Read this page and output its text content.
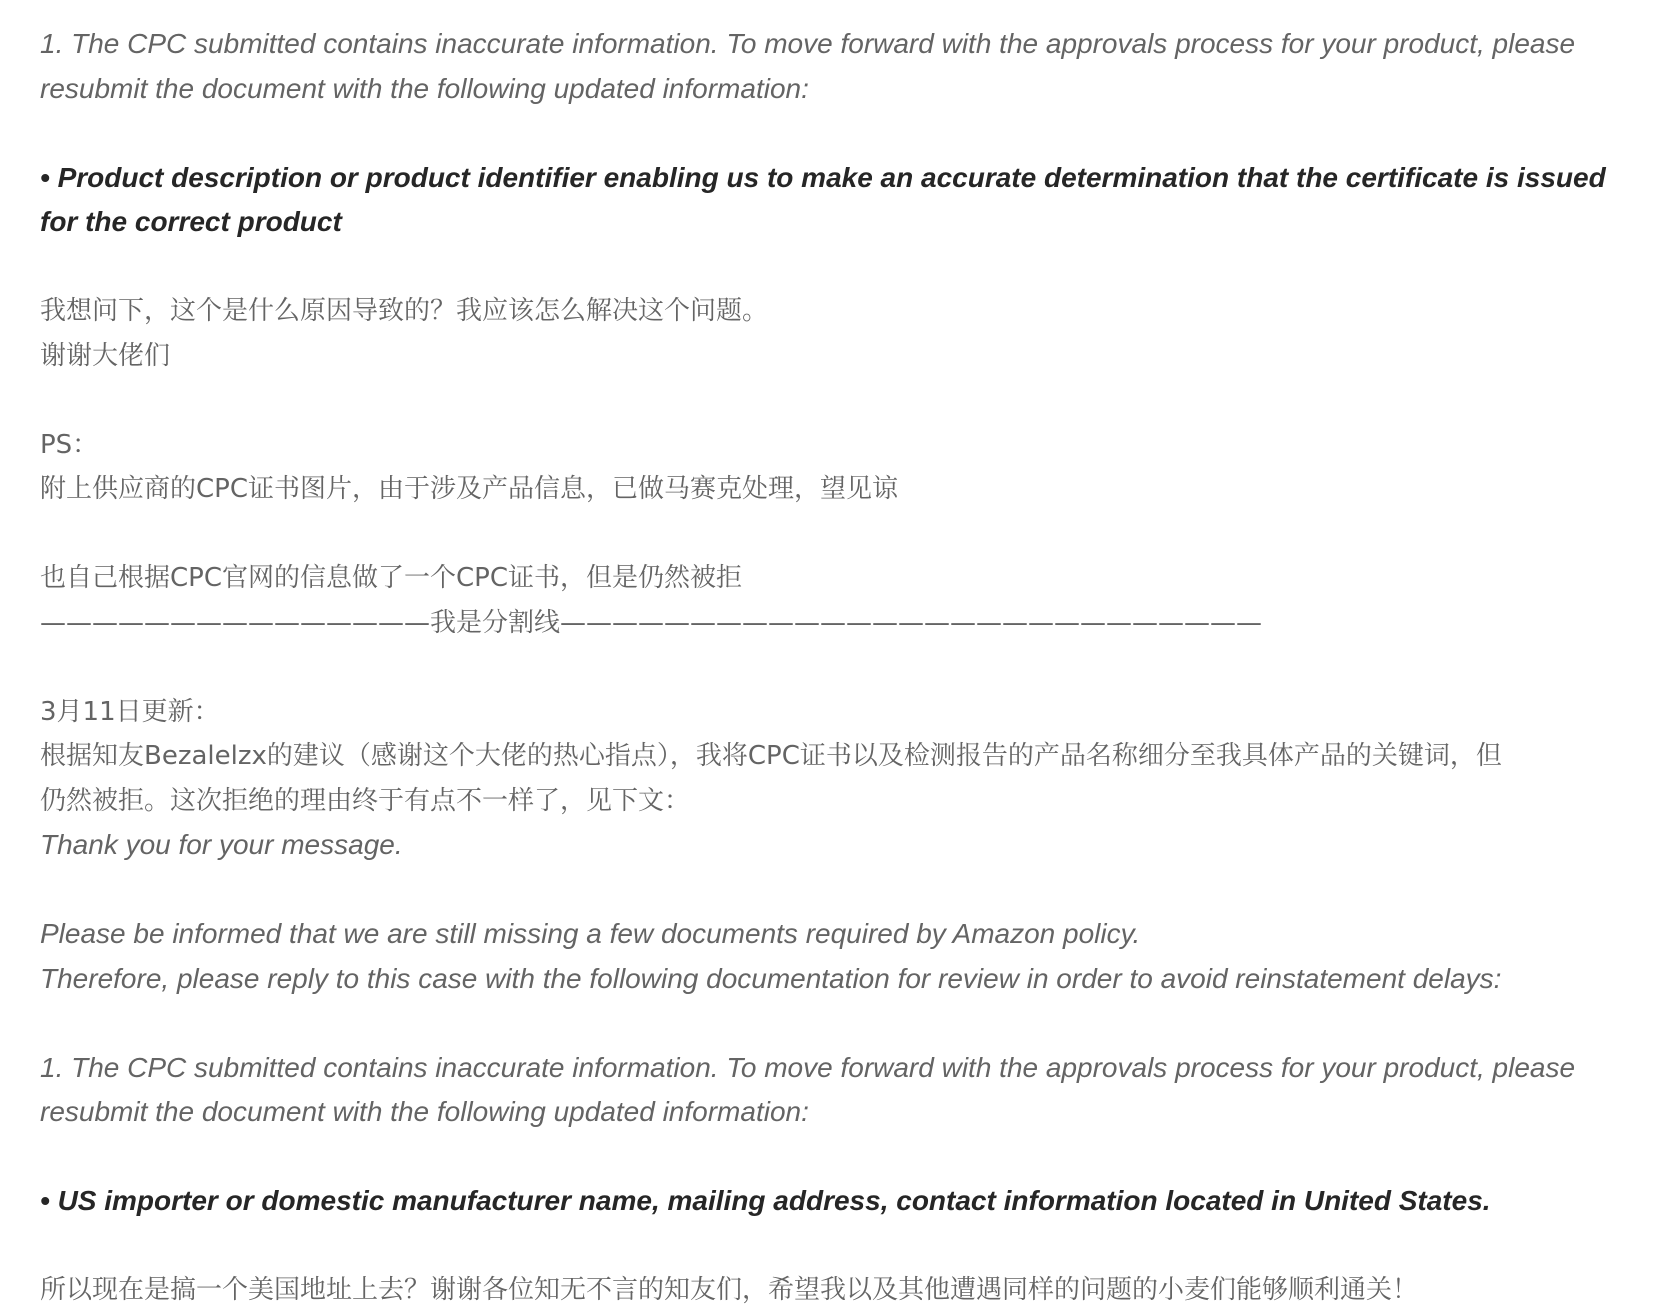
1. The CPC submitted contains inaccurate information. To move forward with the approvals process for your product, please
resubmit the document with the following updated information:
• Product description or product identifier enabling us to make an accurate determination that the certificate is issued
for the correct product
我想问下，这个是什么原因导致的？我应该怎么解决这个问题。
谢谢大佬们
PS：
附上供应商的CPC证书图片，由于涉及产品信息，已做马赛克处理，望见谅
也自己根据CPC官网的信息做了一个CPC证书，但是仍然被拒
———————————————我是分割线———————————————————————————
3月11日更新：
根据知友Bezalelzx的建议（感谢这个大佬的热心指点），我将CPC证书以及检测报告的产品名称细分至我具体产品的关键词，但
仍然被拒。这次拒绝的理由终于有点不一样了，见下文：
Thank you for your message.
Please be informed that we are still missing a few documents required by Amazon policy.
Therefore, please reply to this case with the following documentation for review in order to avoid reinstatement delays:
1. The CPC submitted contains inaccurate information. To move forward with the approvals process for your product, please
resubmit the document with the following updated information:
• US importer or domestic manufacturer name, mailing address, contact information located in United States.
所以现在是搞一个美国地址上去？谢谢各位知无不言的知友们，希望我以及其他遭遇同样的问题的小麦们能够顺利通关！
